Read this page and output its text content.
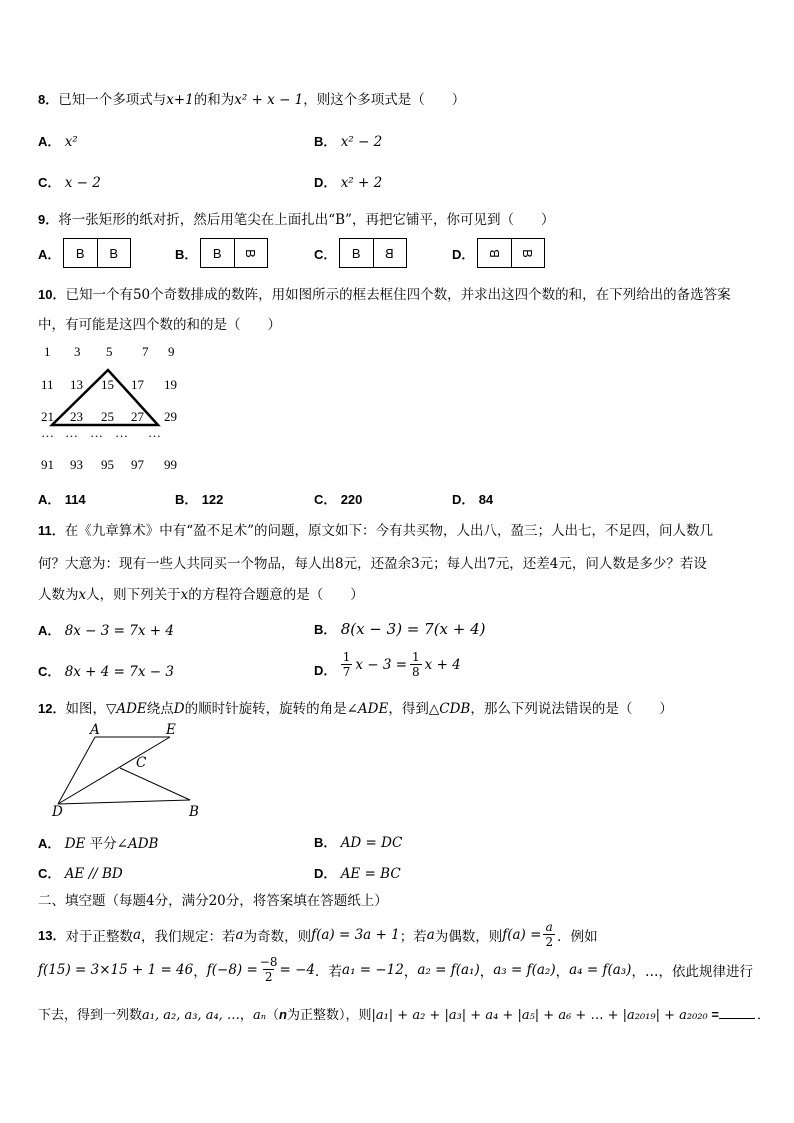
8．已知一个多项式与x+1的和为x² + x − 1，则这个多项式是（　　）
A． x²	B． x² − 2
C． x − 2	D． x² + 2
9．将一张矩形的纸对折，然后用笔尖在上面扎出“B”，再把它铺平，你可见到（　　）
A．	B	B	B．	B	B	C．	B	B	D． B B
10．已知一个有50个奇数排成的数阵，用如图所示的框去框住四个数，并求出这四个数的和，在下列给出的备选答案
中，有可能是这四个数的和的是（　　）
1 3 5 7 9
11 13 15 17 19
21 23 25 27 29
… … … … …
91 93 95 97 99
A． 114	B． 122	C． 220	D． 84
11．在《九章算术》中有“盈不足术”的问题，原文如下：今有共买物，人出八，盈三；人出七，不足四，问人数几
何？大意为：现有一些人共同买一个物品，每人出8元，还盈余3元；每人出7元，还差4元，问人数是多少？若设
人数为x人，则下列关于x的方程符合题意的是（　　）
A． 8x − 3 = 7x + 4	B． 8(x − 3) = 7(x + 4)
C． 8x + 4 = 7x − 3	D．
$\frac{1}{7}$ $x - 3 = \frac{1}{8}$ x + 4
12．如图，▽ADE绕点D的顺时针旋转，旋转的角是∠ADE，得到△CDB，那么下列说法错误的是（　　）
A	E
C
D	B
A． DE 平分∠ADB	B． AD = DC
C． AE // BD	D． AE = BC
二、填空题（每题4分，满分20分，将答案填在答题纸上）
13． 对于正整数 a ，我们规定：若 a 为奇数，则 f(a) = 3a + 1 ；若 a 为偶数，则 $f(a) = \frac{a}{2}$ ．例如
f(15) = 3×15 + 1 = 46 ， $f(-8) = \frac{-8}{2} = -4$ ．若 a₁ = −12 ， a₂ = f(a₁) ， a₃ = f(a₂) ， a₄ = f(a₃) ，…，依此规律进行
下去，得到一列数a₁, a₂, a₃, a₄, …，aₙ（n为正整数），则|a₁| + a₂ + |a₃| + a₄ + |a₅| + a₆ + … + |a₂₀₁₉| + a₂₀₂₀ =	．
